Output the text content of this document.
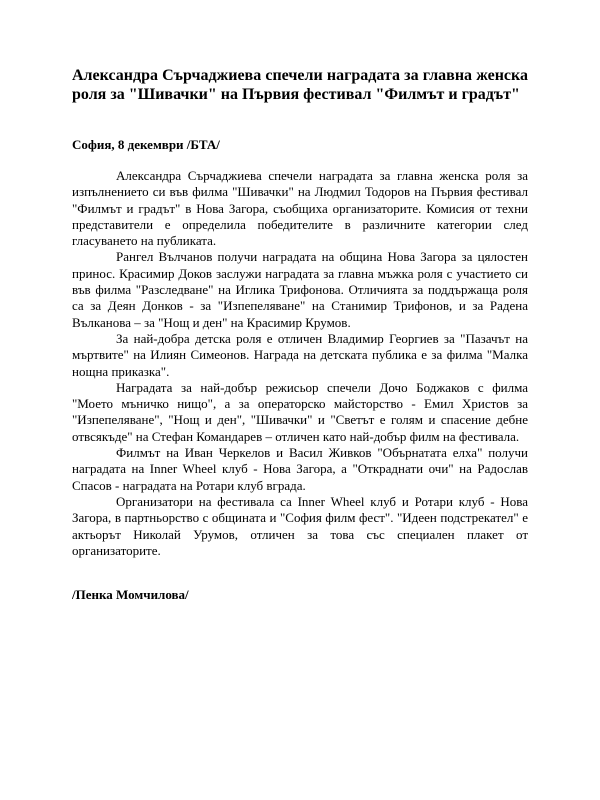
Александра Сърчаджиева спечели наградата за главна женска роля за "Шивачки" на Първия фестивал "Филмът и градът"
София, 8 декември /БТА/

Александра Сърчаджиева спечели наградата за главна женска роля за изпълнението си във филма "Шивачки" на Людмил Тодоров на Първия фестивал "Филмът и градът" в Нова Загора, съобщиха организаторите. Комисия от техни представители е определила победителите в различните категории след гласуването на публиката.

Рангел Вълчанов получи наградата на община Нова Загора за цялостен принос. Красимир Доков заслужи наградата за главна мъжка роля с участието си във филма "Разследване" на Иглика Трифонова. Отличията за поддържаща роля са за Деян Донков - за "Изпепеляване" на Станимир Трифонов, и за Радена Вълканова – за "Нощ и ден" на Красимир Крумов.

За най-добра детска роля е отличен Владимир Георгиев за "Пазачът на мъртвите" на Илиян Симеонов. Награда на детската публика е за филма "Малка нощна приказка".

Наградата за най-добър режисьор спечели Дочо Боджаков с филма "Моето мъничко нищо", а за операторско майсторство - Емил Христов за "Изпепеляване", "Нощ и ден", "Шивачки" и "Светът е голям и спасение дебне отвсякъде" на Стефан Командарев – отличен като най-добър филм на фестивала.

Филмът на Иван Черкелов и Васил Живков "Обърнатата елха" получи наградата на Inner Wheel клуб - Нова Загора, а "Откраднати очи" на Радослав Спасов - наградата на Ротари клуб вграда.

Организатори на фестивала са Inner Wheel клуб и Ротари клуб - Нова Загора, в партньорство с общината и "София филм фест". "Идеен подстрекател" е актьорът Николай Урумов, отличен за това със специален плакет от организаторите.

/Пенка Момчилова/
